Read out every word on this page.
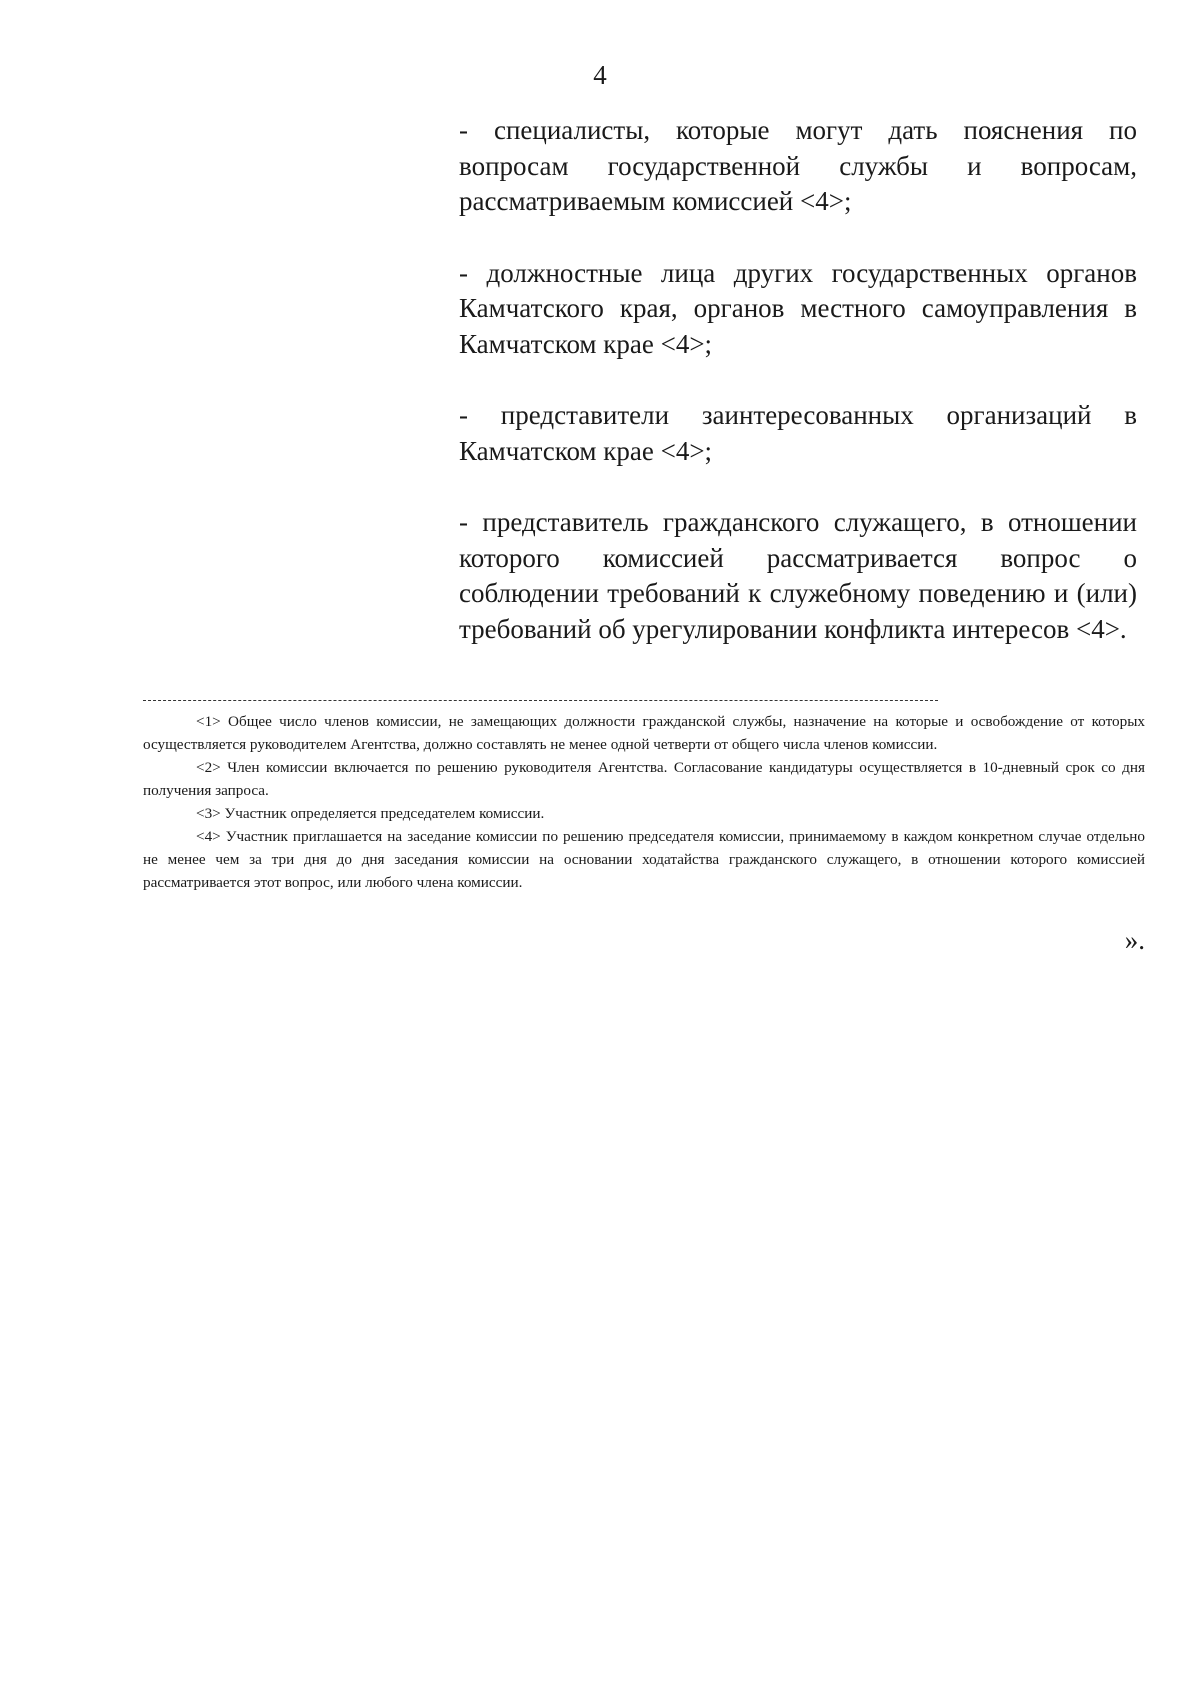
4

- специалисты, которые могут дать пояснения по вопросам государственной службы и вопросам, рассматриваемым комиссией <4>;

- должностные лица других государственных органов Камчатского края, органов местного самоуправления в Камчатском крае <4>;

- представители заинтересованных организаций в Камчатском крае <4>;

- представитель гражданского служащего, в отношении которого комиссией рассматривается вопрос о соблюдении требований к служебному поведению и (или) требований об урегулировании конфликта интересов <4>.

<1> Общее число членов комиссии, не замещающих должности гражданской службы, назначение на которые и освобождение от которых осуществляется руководителем Агентства, должно составлять не менее одной четверти от общего числа членов комиссии.

<2> Член комиссии включается по решению руководителя Агентства. Согласование кандидатуры осуществляется в 10-дневный срок со дня получения запроса.

<3> Участник определяется председателем комиссии.

<4> Участник приглашается на заседание комиссии по решению председателя комиссии, принимаемому в каждом конкретном случае отдельно не менее чем за три дня до дня заседания комиссии на основании ходатайства гражданского служащего, в отношении которого комиссией рассматривается этот вопрос, или любого члена комиссии.

».
